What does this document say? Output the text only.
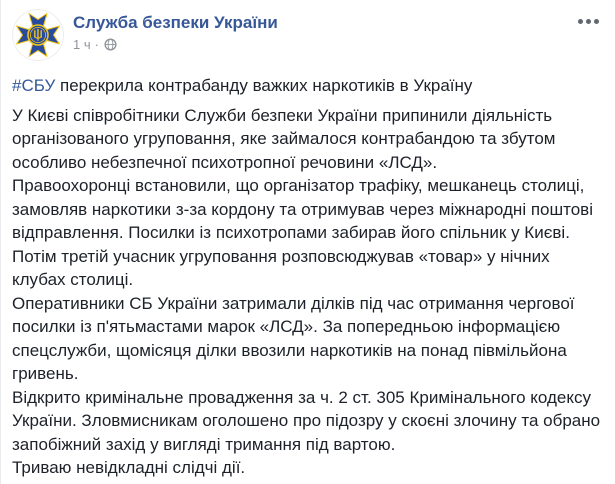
Служба безпеки України
1 ч ·

#СБУ перекрила контрабанду важких наркотиків в Україну

У Києві співробітники Служби безпеки України припинили діяльність організованого угруповання, яке займалося контрабандою та збутом особливо небезпечної психотропної речовини «ЛСД».

Правоохоронці встановили, що організатор трафіку, мешканець столиці, замовляв наркотики з-за кордону та отримував через міжнародні поштові відправлення. Посилки із психотропами забирав його спільник у Києві. Потім третій учасник угруповання розповсюджував «товар» у нічних клубах столиці.

Оперативники СБ України затримали ділків під час отримання чергової посилки із п'ятьмастами марок «ЛСД». За попередньою інформацією спецслужби, щомісяця ділки ввозили наркотиків на понад півмільйона гривень.

Відкрито кримінальне провадження за ч. 2 ст. 305 Кримінального кодексу України. Зловмисникам оголошено про підозру у скоєні злочину та обрано запобіжний захід у вигляді тримання під вартою.

Триваю невідкладні слідчі дії.
